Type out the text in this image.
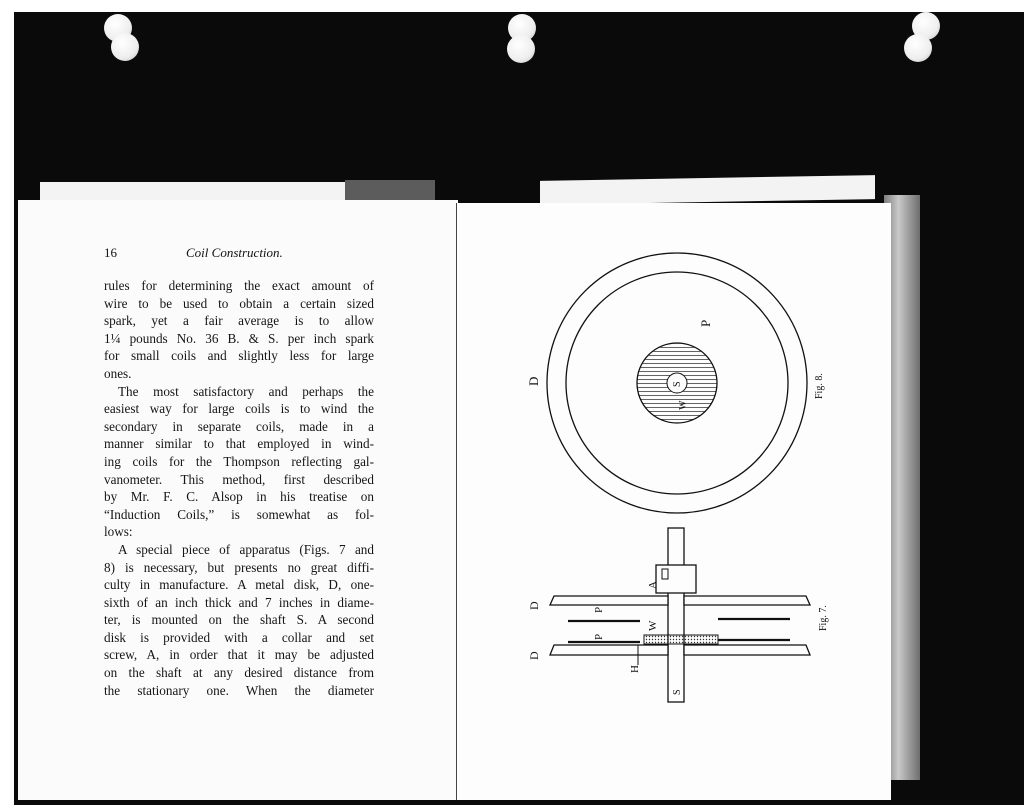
16	Coil Construction.
rules for determining the exact amount of
wire to be used to obtain a certain sized
spark, yet a fair average is to allow
1¼ pounds No. 36 B. & S. per inch spark
for small coils and slightly less for large
ones.
The most satisfactory and perhaps the
easiest way for large coils is to wind the
secondary in separate coils, made in a
manner similar to that employed in wind-
ing coils for the Thompson reflecting gal-
vanometer. This method, first described
by Mr. F. C. Alsop in his treatise on
“Induction Coils,” is somewhat as fol-
lows:
A special piece of apparatus (Figs. 7 and
8) is necessary, but presents no great diffi-
culty in manufacture. A metal disk, D, one-
sixth of an inch thick and 7 inches in diame-
ter, is mounted on the shaft S. A second
disk is provided with a collar and set
screw, A, in order that it may be adjusted
on the shaft at any desired distance from
the stationary one. When the diameter
D
P
S
W
Fig. 8.
D
D
P
P
A
W
H
S
Fig. 7.
